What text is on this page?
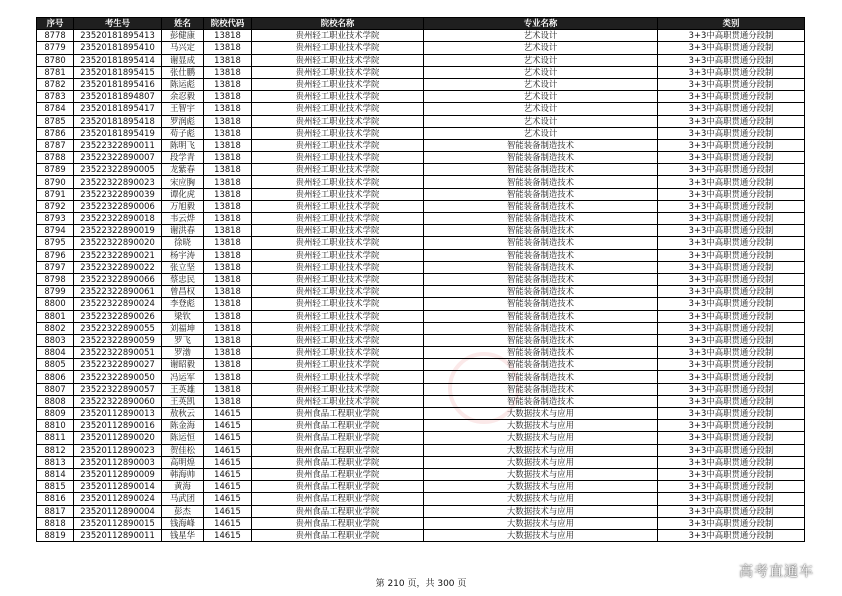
序号	考生号	姓名	院校代码	院校名称	专业名称	类别
8778	23520181895413	彭健康	13818	贵州轻工职业技术学院	艺术设计	3+3中高职贯通分段制
8779	23520181895410	马兴定	13818	贵州轻工职业技术学院	艺术设计	3+3中高职贯通分段制
8780	23520181895414	谢显成	13818	贵州轻工职业技术学院	艺术设计	3+3中高职贯通分段制
8781	23520181895415	张仕鹏	13818	贵州轻工职业技术学院	艺术设计	3+3中高职贯通分段制
8782	23520181895416	陈运彪	13818	贵州轻工职业技术学院	艺术设计	3+3中高职贯通分段制
8783	23520181894807	余忍毅	13818	贵州轻工职业技术学院	艺术设计	3+3中高职贯通分段制
8784	23520181895417	王智宇	13818	贵州轻工职业技术学院	艺术设计	3+3中高职贯通分段制
8785	23520181895418	罗润彪	13818	贵州轻工职业技术学院	艺术设计	3+3中高职贯通分段制
8786	23520181895419	苟子彪	13818	贵州轻工职业技术学院	艺术设计	3+3中高职贯通分段制
8787	23522322890011	陈明飞	13818	贵州轻工职业技术学院	智能装备制造技术	3+3中高职贯通分段制
8788	23522322890007	段学青	13818	贵州轻工职业技术学院	智能装备制造技术	3+3中高职贯通分段制
8789	23522322890005	龙紫春	13818	贵州轻工职业技术学院	智能装备制造技术	3+3中高职贯通分段制
8790	23522322890023	宋应胸	13818	贵州轻工职业技术学院	智能装备制造技术	3+3中高职贯通分段制
8791	23522322890039	谭化虎	13818	贵州轻工职业技术学院	智能装备制造技术	3+3中高职贯通分段制
8792	23522322890006	万旭毅	13818	贵州轻工职业技术学院	智能装备制造技术	3+3中高职贯通分段制
8793	23522322890018	韦云烨	13818	贵州轻工职业技术学院	智能装备制造技术	3+3中高职贯通分段制
8794	23522322890019	谢洪春	13818	贵州轻工职业技术学院	智能装备制造技术	3+3中高职贯通分段制
8795	23522322890020	徐晓	13818	贵州轻工职业技术学院	智能装备制造技术	3+3中高职贯通分段制
8796	23522322890021	杨宇涛	13818	贵州轻工职业技术学院	智能装备制造技术	3+3中高职贯通分段制
8797	23522322890022	张立坚	13818	贵州轻工职业技术学院	智能装备制造技术	3+3中高职贯通分段制
8798	23522322890066	蔡忠民	13818	贵州轻工职业技术学院	智能装备制造技术	3+3中高职贯通分段制
8799	23522322890061	曾昌权	13818	贵州轻工职业技术学院	智能装备制造技术	3+3中高职贯通分段制
8800	23522322890024	李登彪	13818	贵州轻工职业技术学院	智能装备制造技术	3+3中高职贯通分段制
8801	23522322890026	梁钦	13818	贵州轻工职业技术学院	智能装备制造技术	3+3中高职贯通分段制
8802	23522322890055	刘福坤	13818	贵州轻工职业技术学院	智能装备制造技术	3+3中高职贯通分段制
8803	23522322890059	罗飞	13818	贵州轻工职业技术学院	智能装备制造技术	3+3中高职贯通分段制
8804	23522322890051	罗渤	13818	贵州轻工职业技术学院	智能装备制造技术	3+3中高职贯通分段制
8805	23522322890027	谢昭毅	13818	贵州轻工职业技术学院	智能装备制造技术	3+3中高职贯通分段制
8806	23522322890050	冯运军	13818	贵州轻工职业技术学院	智能装备制造技术	3+3中高职贯通分段制
8807	23522322890057	王英雄	13818	贵州轻工职业技术学院	智能装备制造技术	3+3中高职贯通分段制
8808	23522322890060	王英凯	13818	贵州轻工职业技术学院	智能装备制造技术	3+3中高职贯通分段制
8809	23520112890013	敖秋云	14615	贵州食品工程职业学院	大数据技术与应用	3+3中高职贯通分段制
8810	23520112890016	陈金海	14615	贵州食品工程职业学院	大数据技术与应用	3+3中高职贯通分段制
8811	23520112890020	陈运恒	14615	贵州食品工程职业学院	大数据技术与应用	3+3中高职贯通分段制
8812	23520112890023	贺佳松	14615	贵州食品工程职业学院	大数据技术与应用	3+3中高职贯通分段制
8813	23520112890003	高明煌	14615	贵州食品工程职业学院	大数据技术与应用	3+3中高职贯通分段制
8814	23520112890009	韩海帅	14615	贵州食品工程职业学院	大数据技术与应用	3+3中高职贯通分段制
8815	23520112890014	黄海	14615	贵州食品工程职业学院	大数据技术与应用	3+3中高职贯通分段制
8816	23520112890024	马武团	14615	贵州食品工程职业学院	大数据技术与应用	3+3中高职贯通分段制
8817	23520112890004	彭杰	14615	贵州食品工程职业学院	大数据技术与应用	3+3中高职贯通分段制
8818	23520112890015	钱海峰	14615	贵州食品工程职业学院	大数据技术与应用	3+3中高职贯通分段制
8819	23520112890011	钱星华	14615	贵州食品工程职业学院	大数据技术与应用	3+3中高职贯通分段制
第 210 页，共 300 页
高考直通车
